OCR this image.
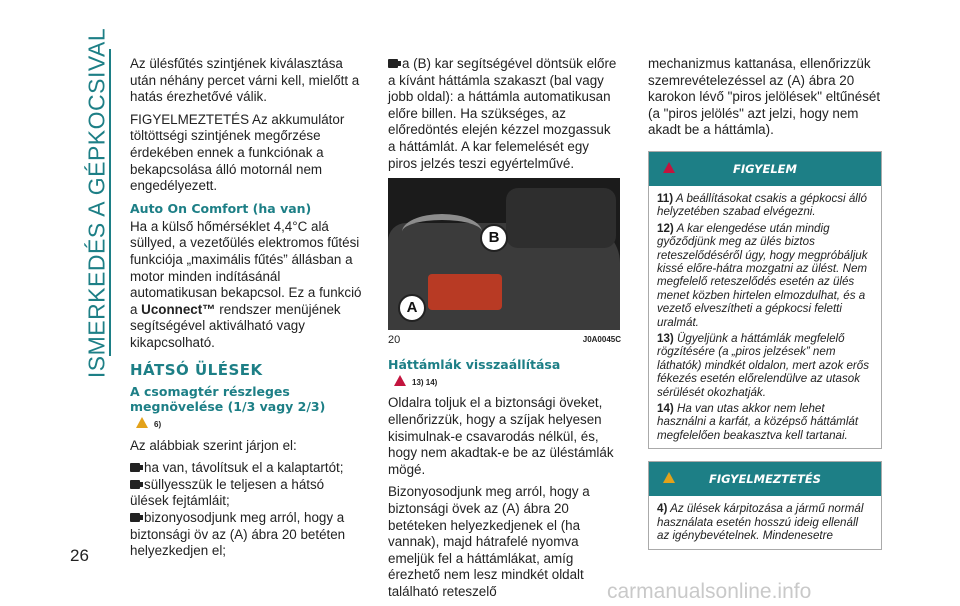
ISMERKEDÉS A GÉPKOCSIVAL
26

Az ülésfűtés szintjének kiválasztása után néhány percet várni kell, mielőtt a hatás érezhetővé válik.

FIGYELMEZTETÉS Az akkumulátor töltöttségi szintjének megőrzése érdekében ennek a funkciónak a bekapcsolása álló motornál nem engedélyezett.

Auto On Comfort (ha van)

Ha a külső hőmérséklet 4,4°C alá süllyed, a vezetőülés elektromos fűtési funkciója „maximális fűtés” állásban a motor minden indításánál automatikusan bekapcsol. Ez a funkció a Uconnect™ rendszer menüjének segítségével aktiválható vagy kikapcsolható.

HÁTSÓ ÜLÉSEK
A csomagtér részleges megnövelése (1/3 vagy 2/3)
6)

Az alábbiak szerint járjon el:

ha van, távolítsuk el a kalaptartót;
süllyesszük le teljesen a hátsó ülések fejtámláit;
bizonyosodjunk meg arról, hogy a biztonsági öv az (A) ábra 20 betéten helyezkedjen el;
a (B) kar segítségével döntsük előre a kívánt háttámla szakaszt (bal vagy jobb oldal): a háttámla automatikusan előre billen. Ha szükséges, az előredöntés elején kézzel mozgassuk a háttámlát. A kar felemelését egy piros jelzés teszi egyértelművé.
B
A
20	J0A0045C
Háttámlák visszaállítása
13) 14)

Oldalra toljuk el a biztonsági öveket, ellenőrizzük, hogy a szíjak helyesen kisimulnak-e csavarodás nélkül, és, hogy nem akadtak-e be az üléstámlák mögé.

Bizonyosodjunk meg arról, hogy a biztonsági övek az (A) ábra 20 betéteken helyezkedjenek el (ha vannak), majd hátrafelé nyomva emeljük fel a háttámlákat, amíg érezhető nem lesz mindkét oldalt található reteszelő

mechanizmus kattanása, ellenőrizzük szemrevételezéssel az (A) ábra 20 karokon lévő "piros jelölések" eltűnését (a "piros jelölés" azt jelzi, hogy nem akadt be a háttámla).

FIGYELEM

11) A beállításokat csakis a gépkocsi álló helyzetében szabad elvégezni.

12) A kar elengedése után mindig győződjünk meg az ülés biztos reteszelődéséről úgy, hogy megpróbáljuk kissé előre-hátra mozgatni az ülést. Nem megfelelő reteszelődés esetén az ülés menet közben hirtelen elmozdulhat, és a vezető elveszítheti a gépkocsi feletti uralmát.

13) Ügyeljünk a háttámlák megfelelő rögzítésére (a „piros jelzések” nem láthatók) mindkét oldalon, mert azok erős fékezés esetén előrelendülve az utasok sérülését okozhatják.

14) Ha van utas akkor nem lehet használni a karfát, a középső háttámlát megfelelően beakasztva kell tartanai.

FIGYELMEZTETÉS

4) Az ülések kárpitozása a jármű normál használata esetén hosszú ideig ellenáll az igénybevételnek. Mindenesetre

carmanualsonline.info
